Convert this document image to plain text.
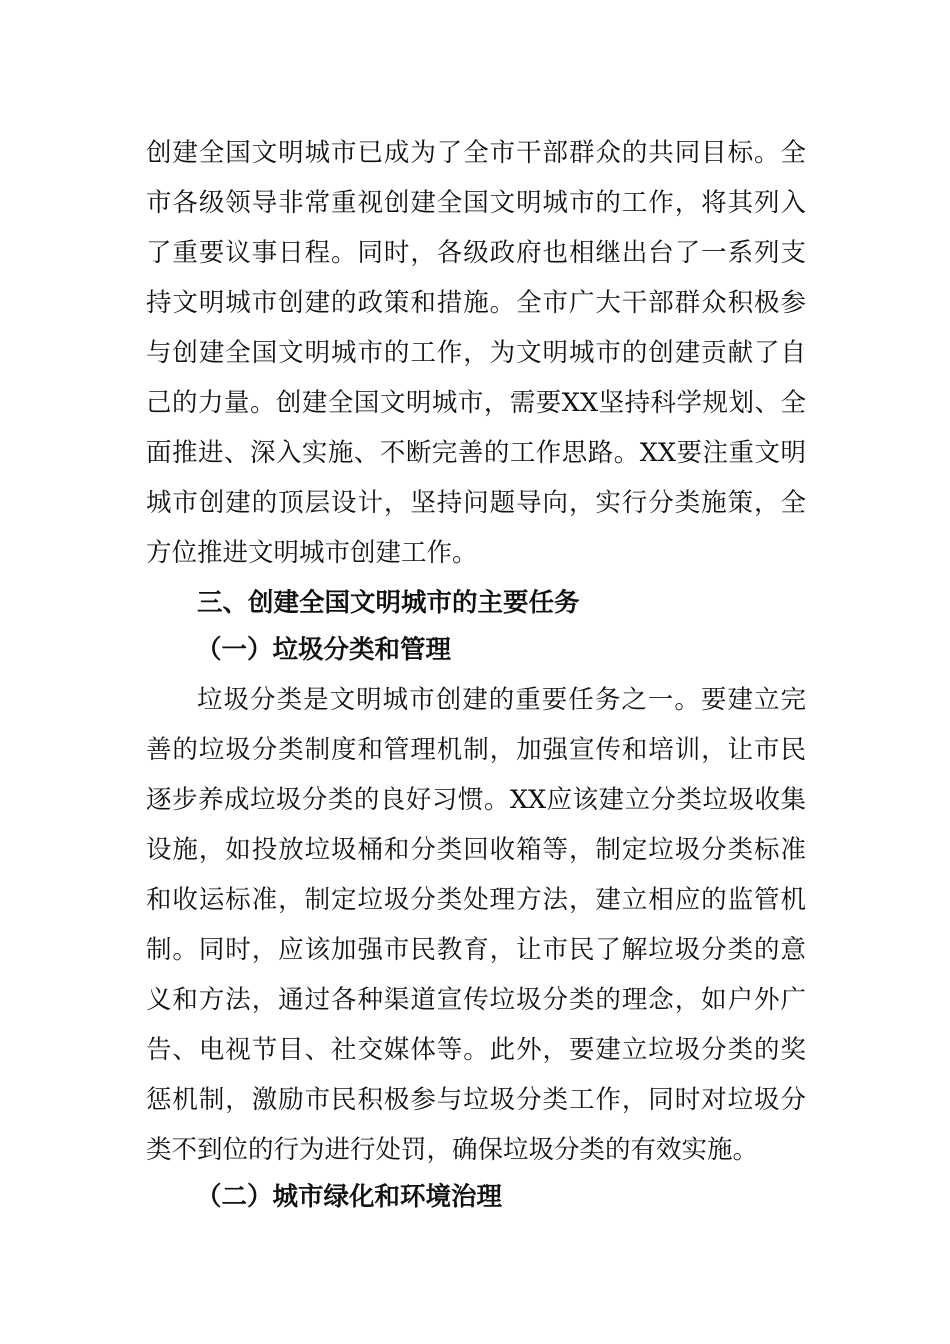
创建全国文明城市已成为了全市干部群众的共同目标。全
市各级领导非常重视创建全国文明城市的工作，将其列入
了重要议事日程。同时，各级政府也相继出台了一系列支
持文明城市创建的政策和措施。全市广大干部群众积极参
与创建全国文明城市的工作，为文明城市的创建贡献了自
己的力量。创建全国文明城市，需要XX坚持科学规划、全
面推进、深入实施、不断完善的工作思路。XX要注重文明
城市创建的顶层设计，坚持问题导向，实行分类施策，全
方位推进文明城市创建工作。
三、创建全国文明城市的主要任务
（一）垃圾分类和管理
垃圾分类是文明城市创建的重要任务之一。要建立完
善的垃圾分类制度和管理机制，加强宣传和培训，让市民
逐步养成垃圾分类的良好习惯。XX应该建立分类垃圾收集
设施，如投放垃圾桶和分类回收箱等，制定垃圾分类标准
和收运标准，制定垃圾分类处理方法，建立相应的监管机
制。同时，应该加强市民教育，让市民了解垃圾分类的意
义和方法，通过各种渠道宣传垃圾分类的理念，如户外广
告、电视节目、社交媒体等。此外，要建立垃圾分类的奖
惩机制，激励市民积极参与垃圾分类工作，同时对垃圾分
类不到位的行为进行处罚，确保垃圾分类的有效实施。
（二）城市绿化和环境治理
